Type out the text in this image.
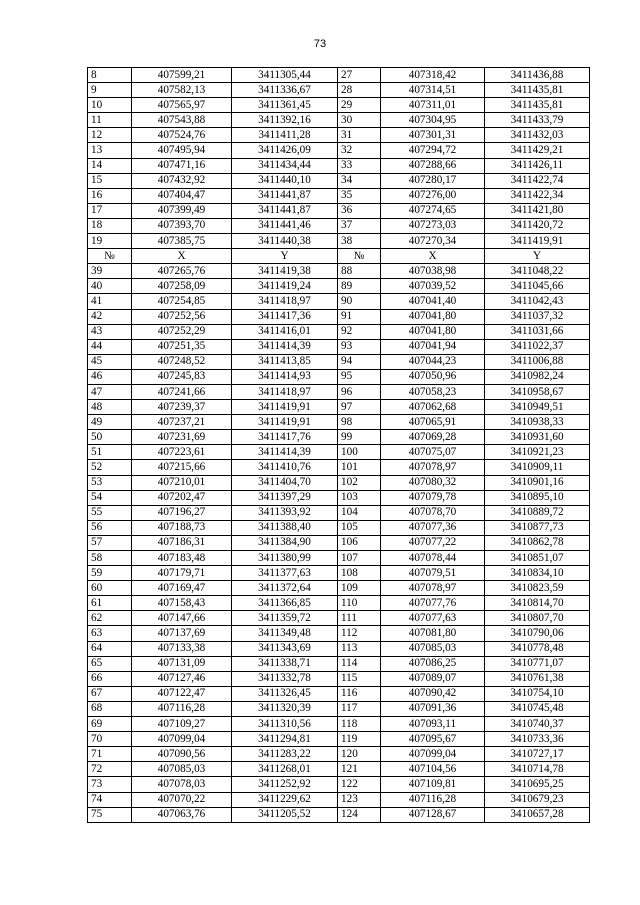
73
8	407599,21	3411305,44	27	407318,42	3411436,88
9	407582,13	3411336,67	28	407314,51	3411435,81
10	407565,97	3411361,45	29	407311,01	3411435,81
11	407543,88	3411392,16	30	407304,95	3411433,79
12	407524,76	3411411,28	31	407301,31	3411432,03
13	407495,94	3411426,09	32	407294,72	3411429,21
14	407471,16	3411434,44	33	407288,66	3411426,11
15	407432,92	3411440,10	34	407280,17	3411422,74
16	407404,47	3411441,87	35	407276,00	3411422,34
17	407399,49	3411441,87	36	407274,65	3411421,80
18	407393,70	3411441,46	37	407273,03	3411420,72
19	407385,75	3411440,38	38	407270,34	3411419,91
№	X	Y	№	X	Y
39	407265,76	3411419,38	88	407038,98	3411048,22
40	407258,09	3411419,24	89	407039,52	3411045,66
41	407254,85	3411418,97	90	407041,40	3411042,43
42	407252,56	3411417,36	91	407041,80	3411037,32
43	407252,29	3411416,01	92	407041,80	3411031,66
44	407251,35	3411414,39	93	407041,94	3411022,37
45	407248,52	3411413,85	94	407044,23	3411006,88
46	407245,83	3411414,93	95	407050,96	3410982,24
47	407241,66	3411418,97	96	407058,23	3410958,67
48	407239,37	3411419,91	97	407062,68	3410949,51
49	407237,21	3411419,91	98	407065,91	3410938,33
50	407231,69	3411417,76	99	407069,28	3410931,60
51	407223,61	3411414,39	100	407075,07	3410921,23
52	407215,66	3411410,76	101	407078,97	3410909,11
53	407210,01	3411404,70	102	407080,32	3410901,16
54	407202,47	3411397,29	103	407079,78	3410895,10
55	407196,27	3411393,92	104	407078,70	3410889,72
56	407188,73	3411388,40	105	407077,36	3410877,73
57	407186,31	3411384,90	106	407077,22	3410862,78
58	407183,48	3411380,99	107	407078,44	3410851,07
59	407179,71	3411377,63	108	407079,51	3410834,10
60	407169,47	3411372,64	109	407078,97	3410823,59
61	407158,43	3411366,85	110	407077,76	3410814,70
62	407147,66	3411359,72	111	407077,63	3410807,70
63	407137,69	3411349,48	112	407081,80	3410790,06
64	407133,38	3411343,69	113	407085,03	3410778,48
65	407131,09	3411338,71	114	407086,25	3410771,07
66	407127,46	3411332,78	115	407089,07	3410761,38
67	407122,47	3411326,45	116	407090,42	3410754,10
68	407116,28	3411320,39	117	407091,36	3410745,48
69	407109,27	3411310,56	118	407093,11	3410740,37
70	407099,04	3411294,81	119	407095,67	3410733,36
71	407090,56	3411283,22	120	407099,04	3410727,17
72	407085,03	3411268,01	121	407104,56	3410714,78
73	407078,03	3411252,92	122	407109,81	3410695,25
74	407070,22	3411229,62	123	407116,28	3410679,23
75	407063,76	3411205,52	124	407128,67	3410657,28
